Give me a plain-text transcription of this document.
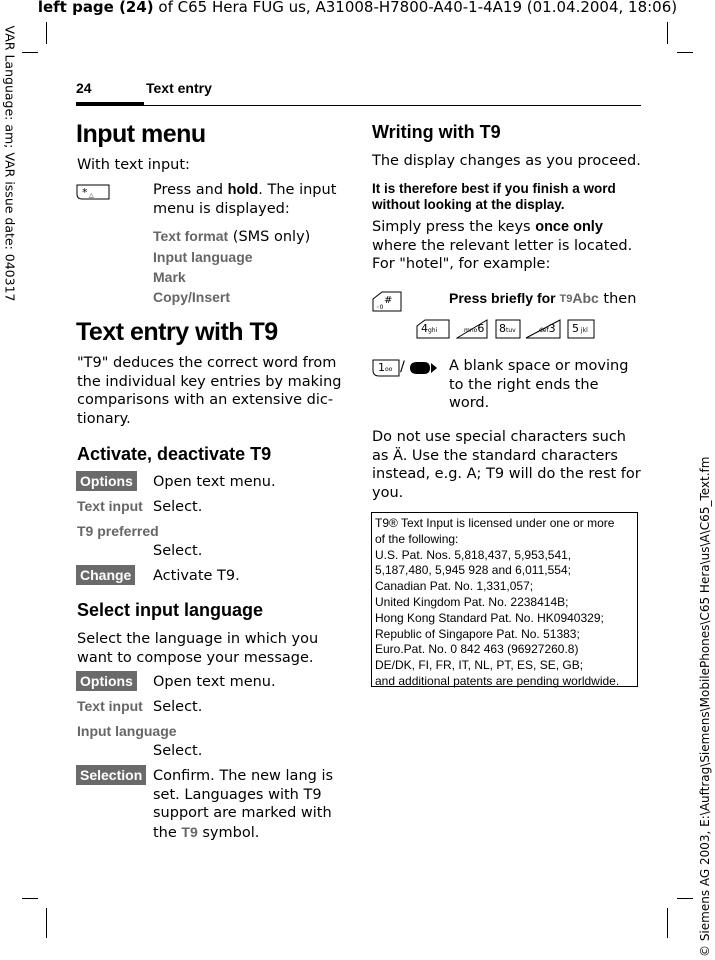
left page (24) of C65 Hera FUG us, A31008-H7800-A40-1-4A19 (01.04.2004, 18:06)
VAR Language: am; VAR issue date: 040317
© Siemens AG 2003, E:\Auftrag\Siemens\MobilePhones\C65 Hera\us\A\C65_Text.fm
24	Text entry
Input menu
With text input:
* △	Press and hold. The input menu is displayed:
Text format (SMS only)
Input language
Mark
Copy/Insert
Text entry with T9
"T9" deduces the correct word from
the individual key entries by making
comparisons with an extensive dic-
tionary.
Activate, deactivate T9
Options Open text menu.
Text input Select.
T9 preferred
Select.
Change Activate T9.
Select input language
Select the language in which you
want to compose your message.
Options Open text menu.
Text input Select.
Input language
Select.
Selection Confirm. The new lang is
set. Languages with T9
support are marked with
the T9 symbol.
Writing with T9
The display changes as you proceed.
It is therefore best if you finish a word
without looking at the display.
Simply press the keys once only
where the relevant letter is located.
For "hotel", for example:
#
◦0
Press briefly for T9Abc then
4ghi	mno6 8tuv	def3 5 jkl
1oo /	A blank space or moving
to the right ends the
word.
Do not use special characters such
as Ä. Use the standard characters
instead, e.g. A; T9 will do the rest for
you.
T9® Text Input is licensed under one or more
of the following:
U.S. Pat. Nos. 5,818,437, 5,953,541,
5,187,480, 5,945 928 and 6,011,554;
Canadian Pat. No. 1,331,057;
United Kingdom Pat. No. 2238414B;
Hong Kong Standard Pat. No. HK0940329;
Republic of Singapore Pat. No. 51383;
Euro.Pat. No. 0 842 463 (96927260.8)
DE/DK, FI, FR, IT, NL, PT, ES, SE, GB;
and additional patents are pending worldwide.
